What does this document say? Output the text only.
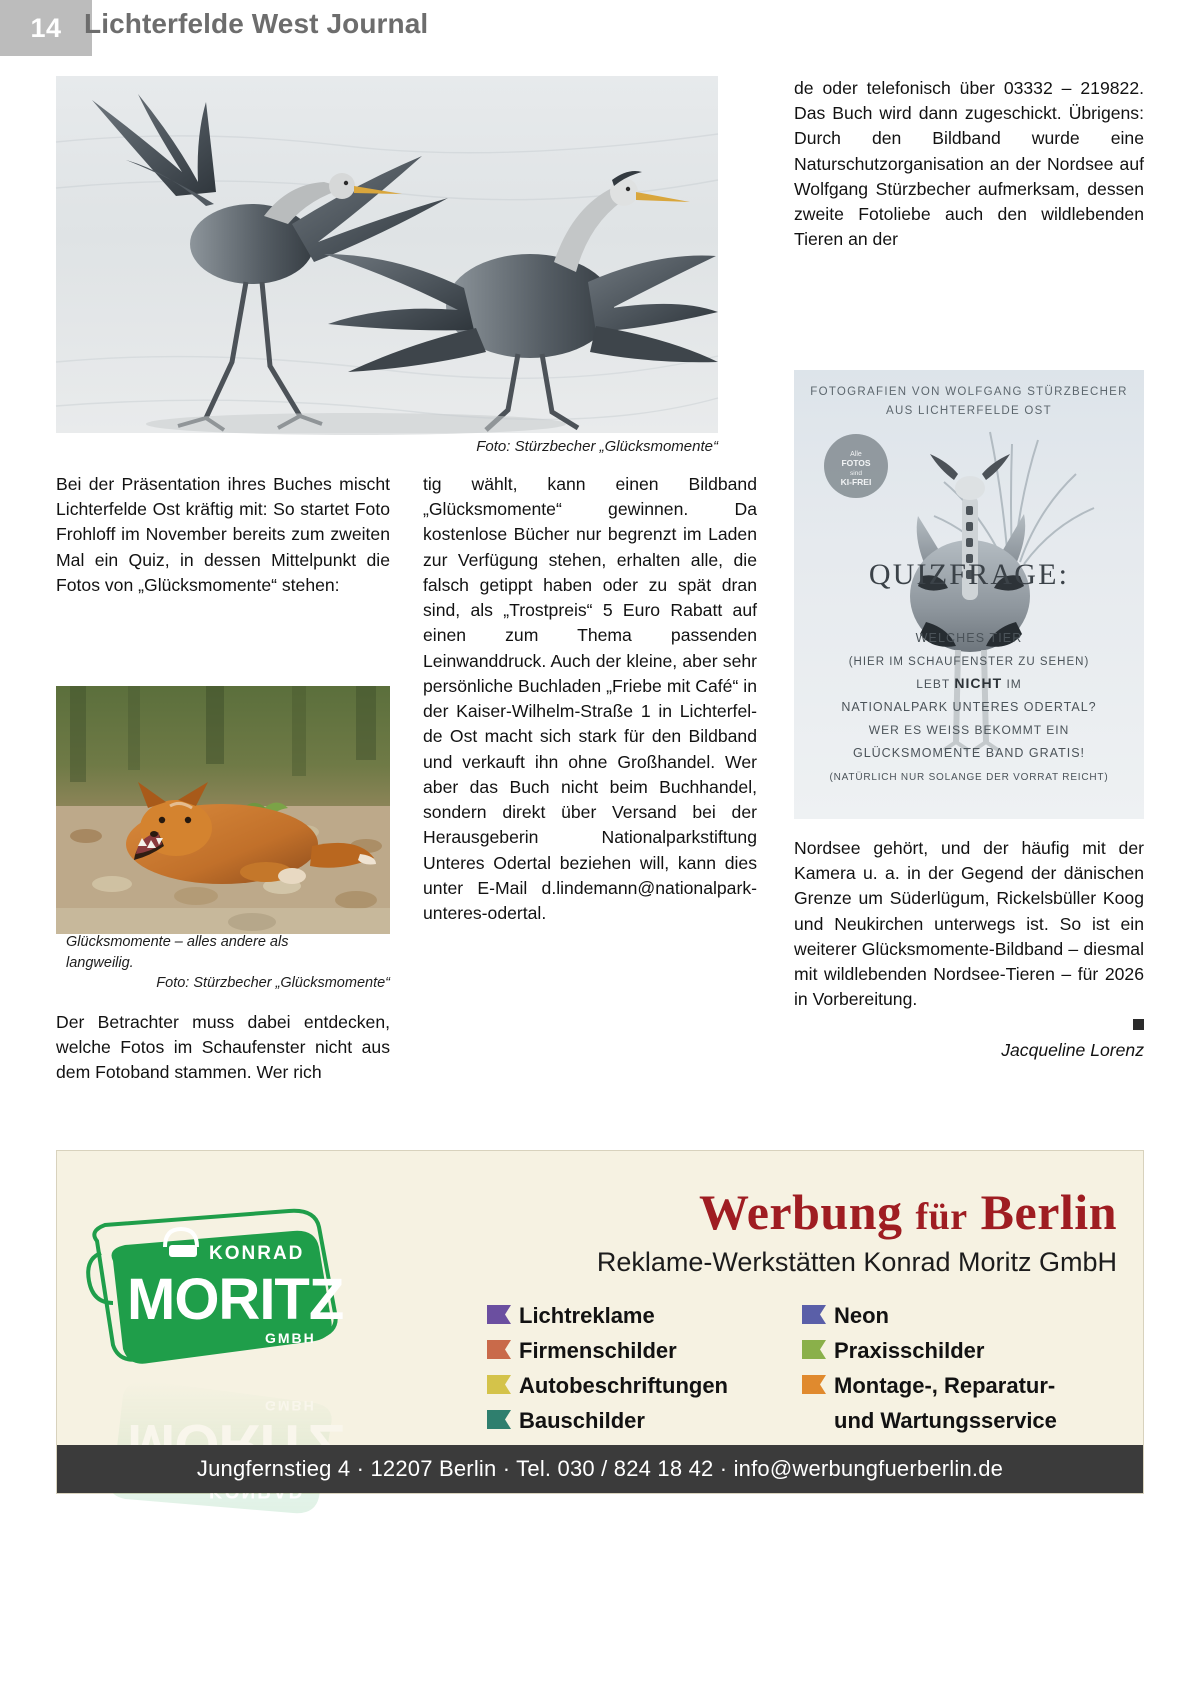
14 Lichterfelde West Journal
Foto: Stürzbecher „Glücksmomente“
Glücksmomente – alles andere als
langweilig.
Foto: Stürzbecher „Glücksmomente“
FOTOGRAFIEN VON WOLFGANG STÜRZBECHER
AUS LICHTERFELDE OST
Alle
FOTOS
sind
KI-FREI
QUIZFRAGE:
WELCHES TIER
(HIER IM SCHAUFENSTER ZU SEHEN)
LEBT NICHT IM
NATIONALPARK UNTERES ODERTAL?
WER ES WEISS BEKOMMT EIN
GLÜCKSMOMENTE BAND GRATIS!
(NATÜRLICH NUR SOLANGE DER VORRAT REICHT)

de oder telefonisch über 03332 – 219822. Das Buch wird dann zugeschickt. Übrigens: Durch den Bildband wurde eine Naturschutzorganisation an der Nordsee auf Wolfgang Stürzbecher aufmerksam, dessen zweite Fotoliebe auch den wildlebenden Tieren an der

Bei der Präsentation ihres Buches mischt Lichterfelde Ost kräftig mit: So startet Foto Frohloff im November bereits zum zweiten Mal ein Quiz, in dessen Mittelpunkt die Fotos von „Glücksmomente“ stehen:

Der Betrachter muss dabei entdecken, welche Fotos im Schaufenster nicht aus dem Fotoband stammen. Wer rich

tig wählt, kann einen Bildband „Glücksmomente“ gewinnen. Da kostenlose Bücher nur begrenzt im Laden zur Verfügung stehen, erhalten alle, die falsch getippt haben oder zu spät dran sind, als „Trostpreis“ 5 Euro Rabatt auf einen zum Thema passenden Leinwanddruck. Auch der kleine, aber sehr persönliche Buchladen „Friebe mit Café“ in der Kaiser-Wilhelm-Straße 1 in Lichterfelde Ost macht sich stark für den Bildband und verkauft ihn ohne Großhandel. Wer aber das Buch nicht beim Buchhandel, sondern direkt über Versand bei der Herausgeberin Nationalparkstiftung Unteres Odertal beziehen will, kann dies unter E-Mail d.lindemann@nationalpark-unteres-odertal.

Nordsee gehört, und der häufig mit der Kamera u. a. in der Gegend der dänischen Grenze um Süderlügum, Rickelsbüller Koog und Neukirchen unterwegs ist. So ist ein weiterer Glücksmomente-Bildband – diesmal mit wildlebenden Nordsee-Tieren – für 2026 in Vorbereitung.

Jacqueline Lorenz
KONRAD
MORITZ
GMBH
GMBH
Werbung für Berlin
Reklame-Werkstätten Konrad Moritz GmbH
Lichtreklame
Firmenschilder
Autobeschriftungen
Bauschilder
Neon
Praxisschilder
Montage-, Reparatur-
und Wartungsservice
Jungfernstieg 4 · 12207 Berlin · Tel. 030 / 824 18 42 · info@werbungfuerberlin.de
